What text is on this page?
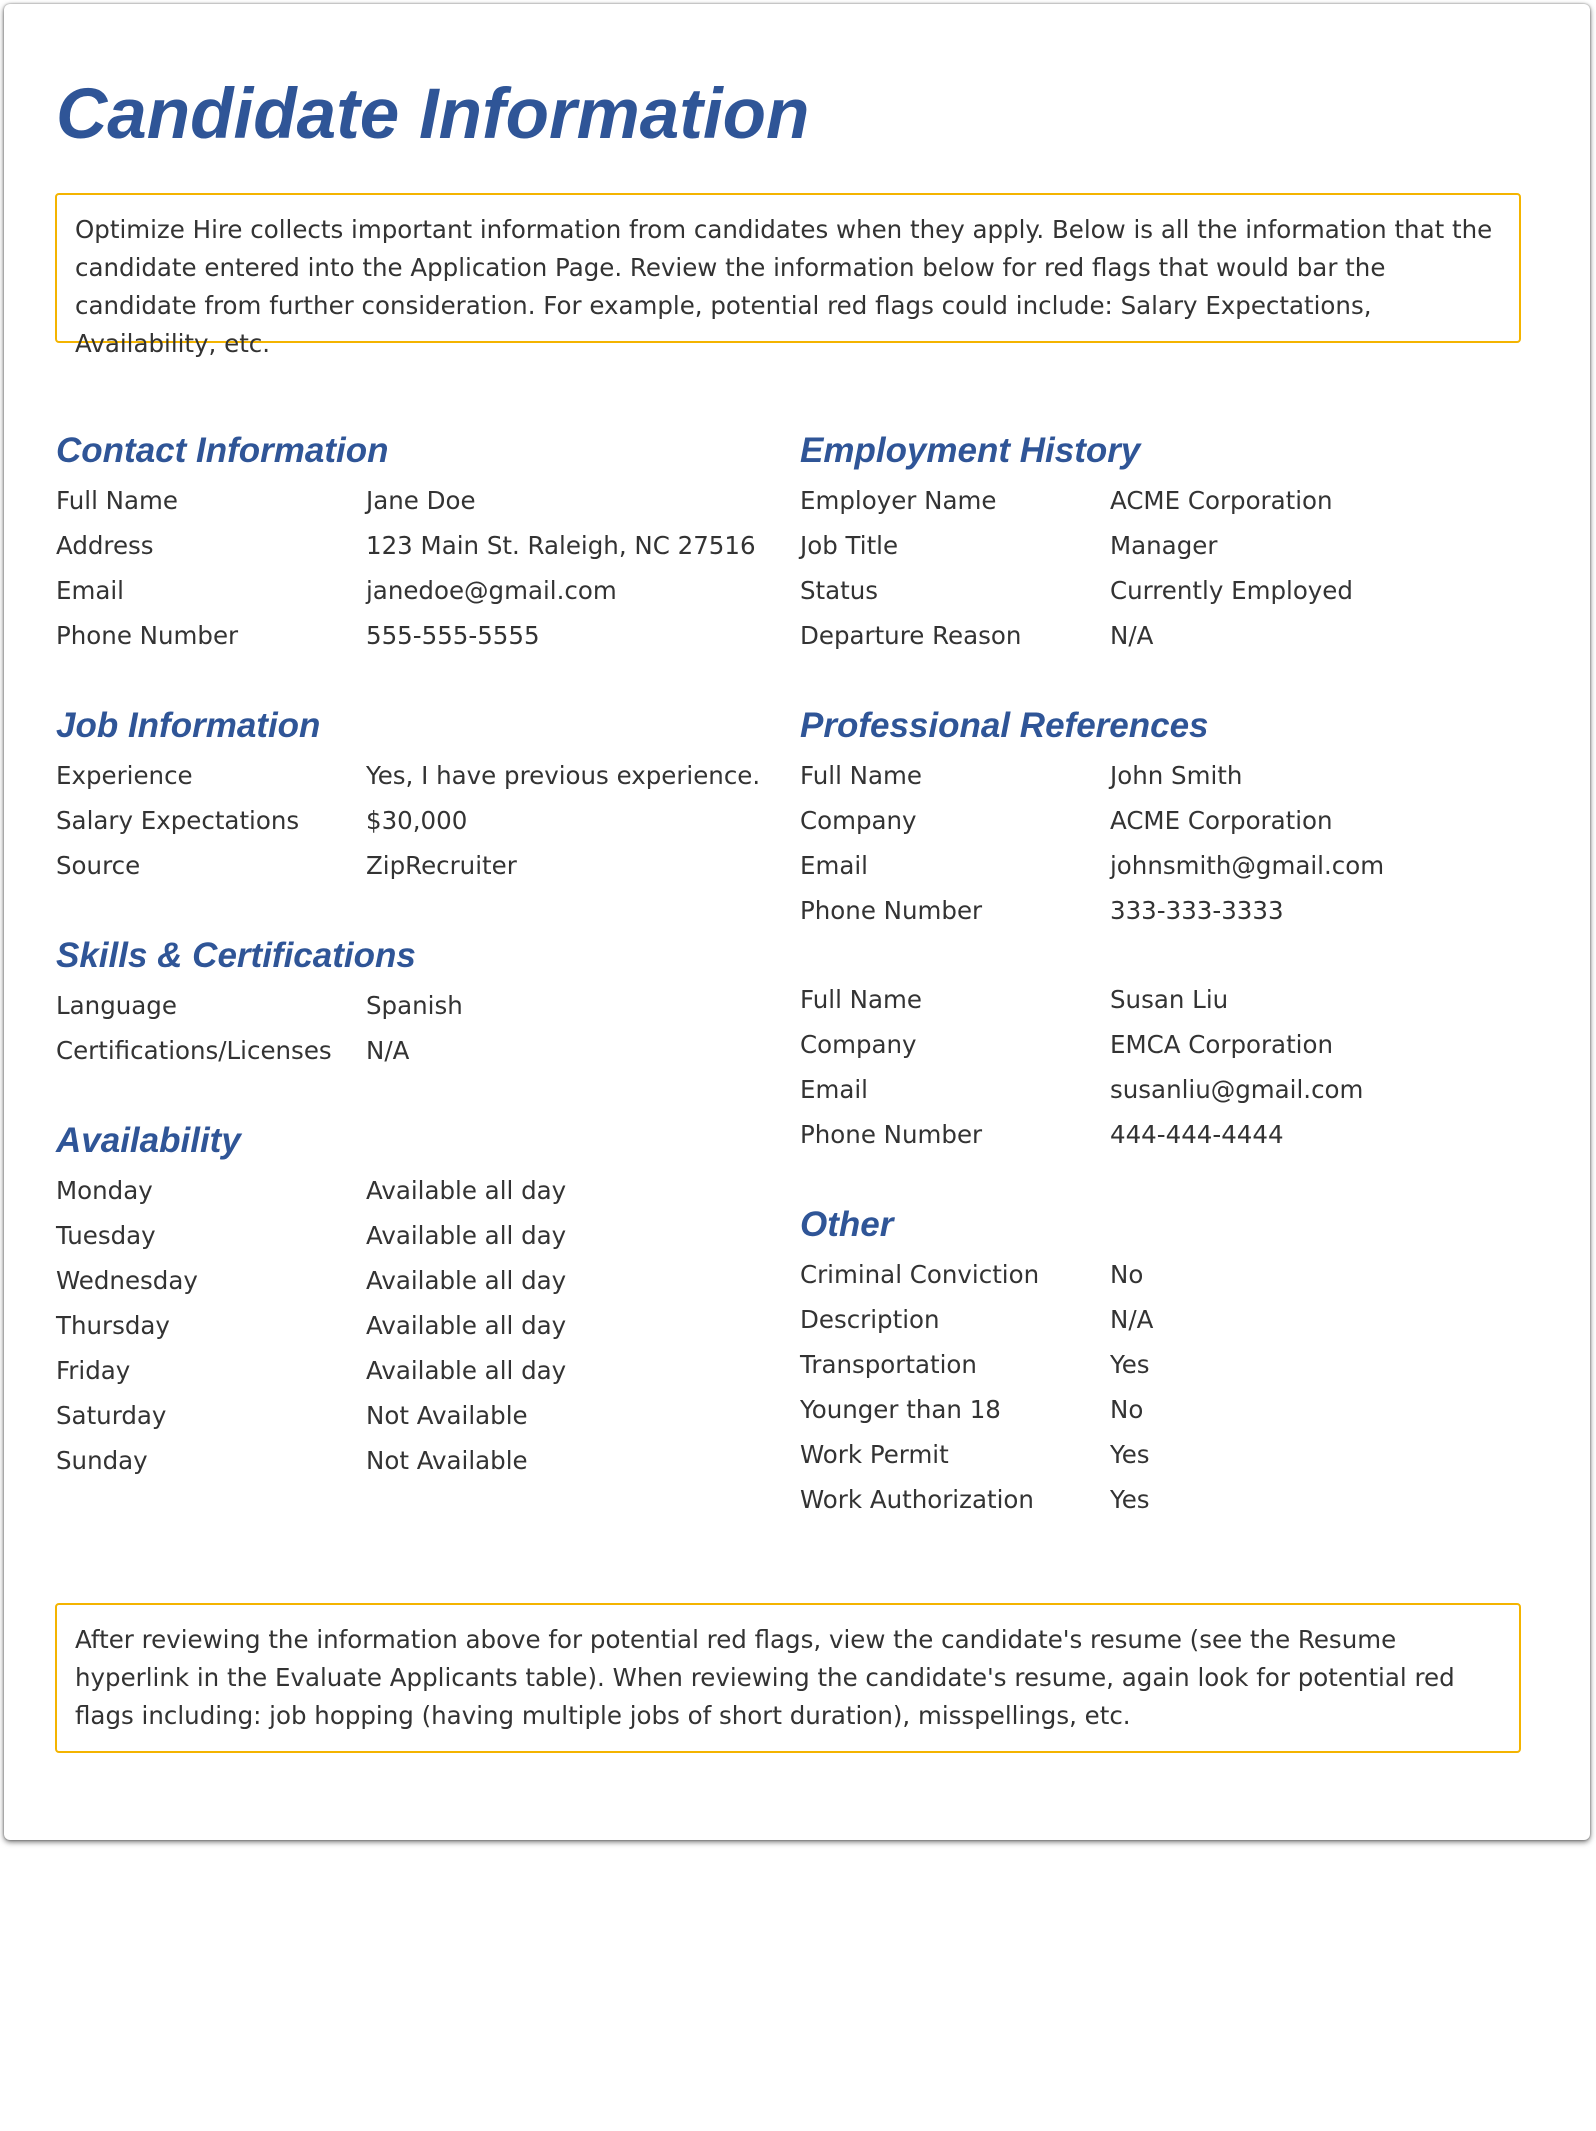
Candidate Information
Optimize Hire collects important information from candidates when they apply. Below is all the information that the candidate entered into the Application Page. Review the information below for red flags that would bar the candidate from further consideration. For example, potential red flags could include: Salary Expectations, Availability, etc.
Contact Information
Full Name	Jane Doe
Address	123 Main St. Raleigh, NC 27516
Email	janedoe@gmail.com
Phone Number	555-555-5555
Job Information
Experience	Yes, I have previous experience.
Salary Expectations	$30,000
Source	ZipRecruiter
Skills & Certifications
Language	Spanish
Certifications/Licenses	N/A
Availability
Monday	Available all day
Tuesday	Available all day
Wednesday	Available all day
Thursday	Available all day
Friday	Available all day
Saturday	Not Available
Sunday	Not Available
Employment History
Employer Name	ACME Corporation
Job Title	Manager
Status	Currently Employed
Departure Reason	N/A
Professional References
Full Name	John Smith
Company	ACME Corporation
Email	johnsmith@gmail.com
Phone Number	333-333-3333
Full Name	Susan Liu
Company	EMCA Corporation
Email	susanliu@gmail.com
Phone Number	444-444-4444
Other
Criminal Conviction	No
Description	N/A
Transportation	Yes
Younger than 18	No
Work Permit	Yes
Work Authorization	Yes
After reviewing the information above for potential red flags, view the candidate's resume (see the Resume hyperlink in the Evaluate Applicants table). When reviewing the candidate's resume, again look for potential red flags including: job hopping (having multiple jobs of short duration), misspellings, etc.
